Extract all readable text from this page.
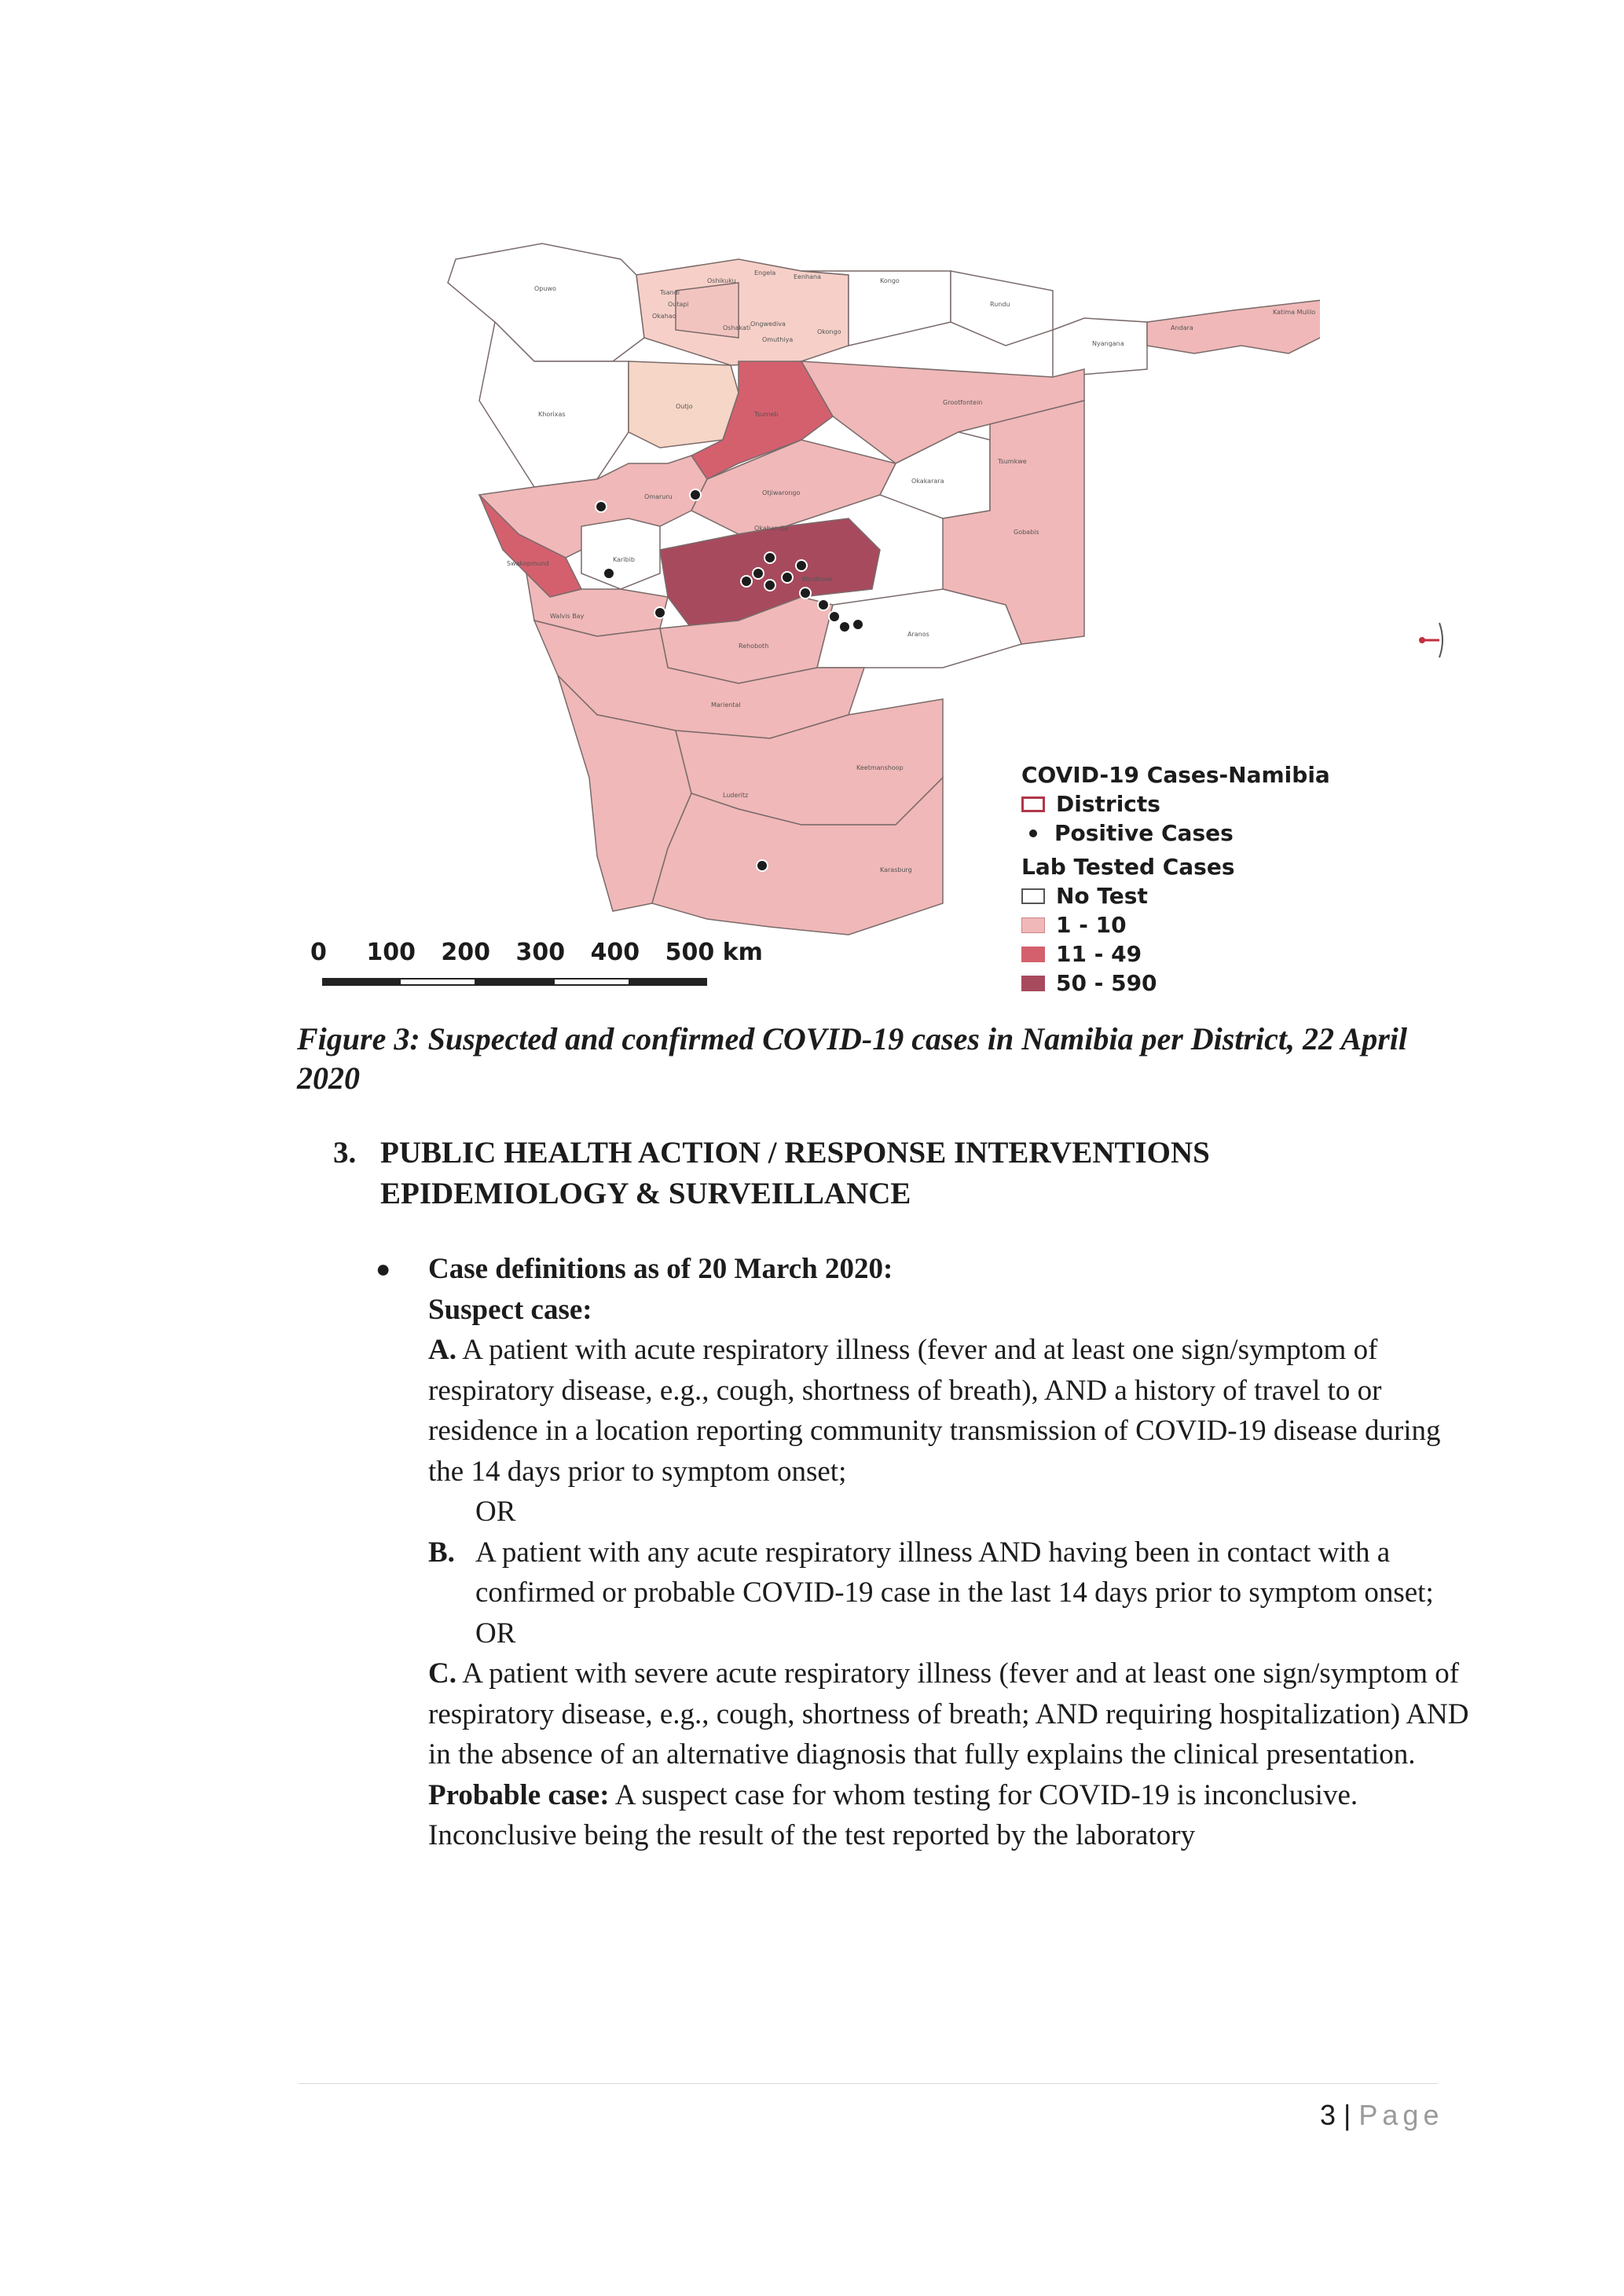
Opuwo
Tsandi
Outapi
Oshikuku
Ongwediva
Engela
Eenhana
Kongo
Rundu
Nyangana
Andara
Katima Mulilo
Okongo
Oshakati
Tsumeb
Outjo
Omuthiya
Khorixas
Okahao
Otjiwarongo
Grootfontein
Okakarara
Omaruru
Okahandja
Gobabis
Karibib
Swakopmund
Walvis Bay
Windhoek
Rehoboth
Mariental
Aranos
Keetmanshoop
Luderitz
Karasburg
Tsumkwe
COVID-19 Cases-Namibia
Districts
Positive Cases
Lab Tested Cases
No Test
1 - 10
11 - 49
50 - 590
0 100 200 300 400 500 km
Figure 3: Suspected and confirmed COVID-19 cases in Namibia per District, 22 April 2020
3. PUBLIC HEALTH ACTION / RESPONSE INTERVENTIONS
EPIDEMIOLOGY & SURVEILLANCE
● Case definitions as of 20 March 2020:
Suspect case:
A. A patient with acute respiratory illness (fever and at least one sign/symptom of respiratory disease, e.g., cough, shortness of breath), AND a history of travel to or residence in a location reporting community transmission of COVID-19 disease during the 14 days prior to symptom onset;
OR
B. A patient with any acute respiratory illness AND having been in contact with a confirmed or probable COVID-19 case in the last 14 days prior to symptom onset;
OR
C. A patient with severe acute respiratory illness (fever and at least one sign/symptom of respiratory disease, e.g., cough, shortness of breath; AND requiring hospitalization) AND in the absence of an alternative diagnosis that fully explains the clinical presentation.
Probable case: A suspect case for whom testing for COVID-19 is inconclusive. Inconclusive being the result of the test reported by the laboratory
3 | Page
